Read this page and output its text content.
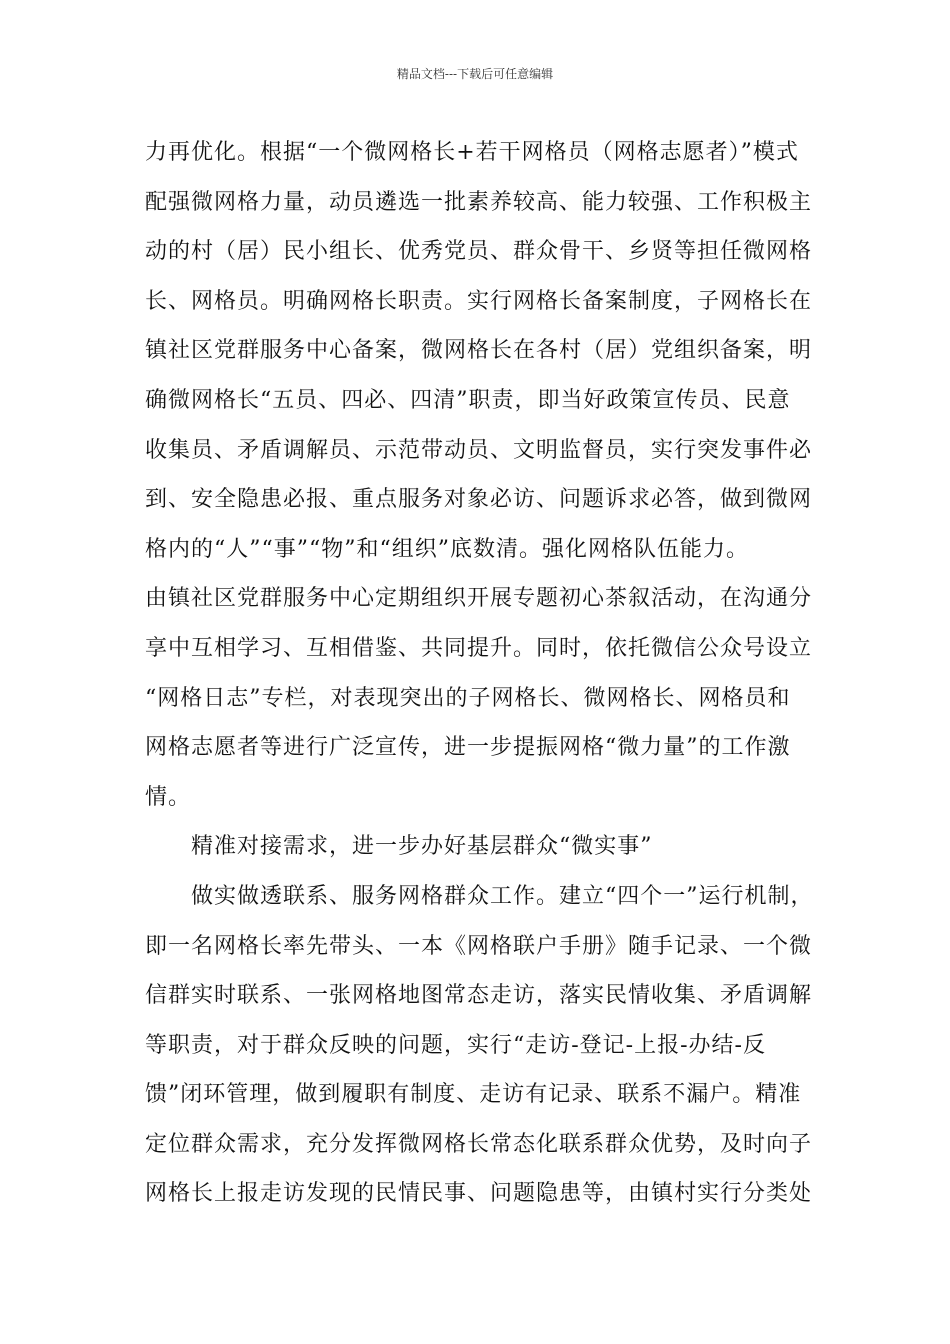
精品文档---下载后可任意编辑
力再优化。根据“一个微网格长+若干网格员（网格志愿者）”模式
配强微网格力量，动员遴选一批素养较高、能力较强、工作积极主
动的村（居）民小组长、优秀党员、群众骨干、乡贤等担任微网格
长、网格员。明确网格长职责。实行网格长备案制度，子网格长在
镇社区党群服务中心备案，微网格长在各村（居）党组织备案，明
确微网格长“五员、四必、四清”职责，即当好政策宣传员、民意
收集员、矛盾调解员、示范带动员、文明监督员，实行突发事件必
到、安全隐患必报、重点服务对象必访、问题诉求必答，做到微网
格内的“人”“事”“物”和“组织”底数清。强化网格队伍能力。
由镇社区党群服务中心定期组织开展专题初心茶叙活动，在沟通分
享中互相学习、互相借鉴、共同提升。同时，依托微信公众号设立
“网格日志”专栏，对表现突出的子网格长、微网格长、网格员和
网格志愿者等进行广泛宣传，进一步提振网格“微力量”的工作激
情。
精准对接需求，进一步办好基层群众“微实事”
做实做透联系、服务网格群众工作。建立“四个一”运行机制，
即一名网格长率先带头、一本《网格联户手册》随手记录、一个微
信群实时联系、一张网格地图常态走访，落实民情收集、矛盾调解
等职责，对于群众反映的问题，实行“走访-登记-上报-办结-反
馈”闭环管理，做到履职有制度、走访有记录、联系不漏户。精准
定位群众需求，充分发挥微网格长常态化联系群众优势，及时向子
网格长上报走访发现的民情民事、问题隐患等，由镇村实行分类处
